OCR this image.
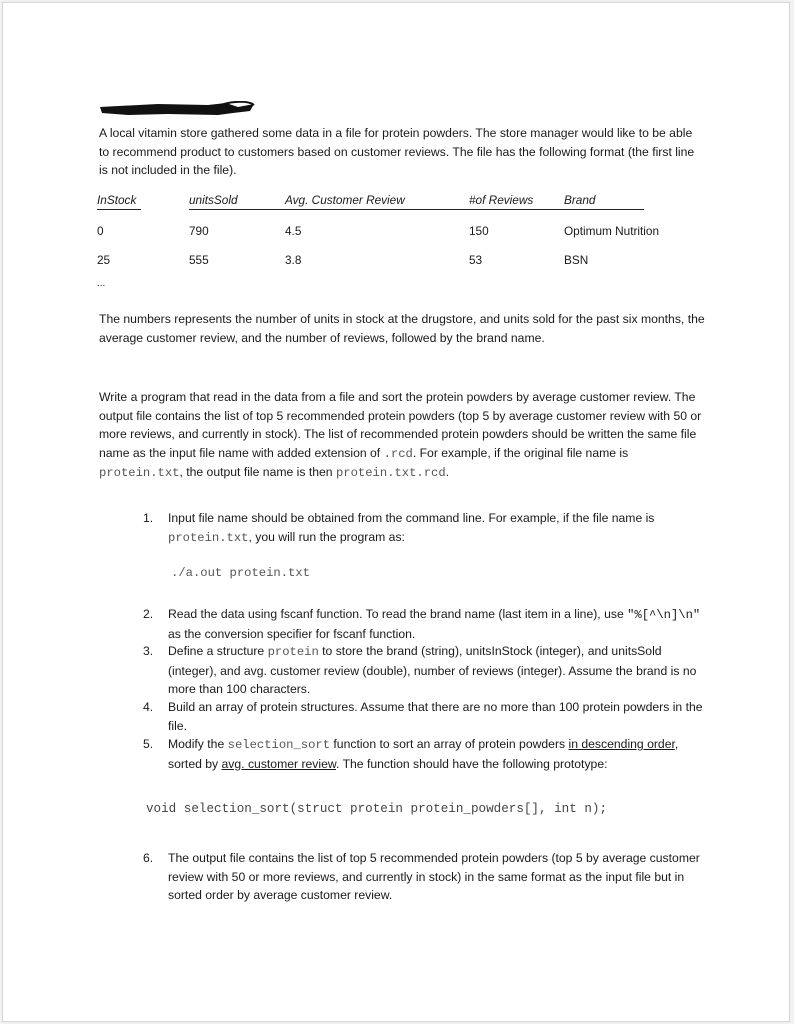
A local vitamin store gathered some data in a file for protein powders. The store manager would like to be able to recommend product to customers based on customer reviews. The file has the following format (the first line is not included in the file).
InStock	unitsSold	Avg. Customer Review	#of Reviews	Brand
0	790	4.5	150	Optimum Nutrition
25	555	3.8	53	BSN
...
The numbers represents the number of units in stock at the drugstore, and units sold for the past six months, the average customer review, and the number of reviews, followed by the brand name.
Write a program that read in the data from a file and sort the protein powders by average customer review. The output file contains the list of top 5 recommended protein powders (top 5 by average customer review with 50 or more reviews, and currently in stock). The list of recommended protein powders should be written the same file name as the input file name with added extension of .rcd. For example, if the original file name is protein.txt, the output file name is then protein.txt.rcd.
1.	Input file name should be obtained from the command line. For example, if the file name is protein.txt, you will run the program as:
2.	Read the data using fscanf function. To read the brand name (last item in a line), use "%[^\n]\n" as the conversion specifier for fscanf function.
3.	Define a structure protein to store the brand (string), unitsInStock (integer), and unitsSold (integer), and avg. customer review (double), number of reviews (integer). Assume the brand is no more than 100 characters.
4.	Build an array of protein structures. Assume that there are no more than 100 protein powders in the file.
5.	Modify the selection_sort function to sort an array of protein powders in descending order, sorted by avg. customer review. The function should have the following prototype:
6.	The output file contains the list of top 5 recommended protein powders (top 5 by average customer review with 50 or more reviews, and currently in stock) in the same format as the input file but in sorted order by average customer review.
./a.out protein.txt
void selection_sort(struct protein protein_powders[], int n);
